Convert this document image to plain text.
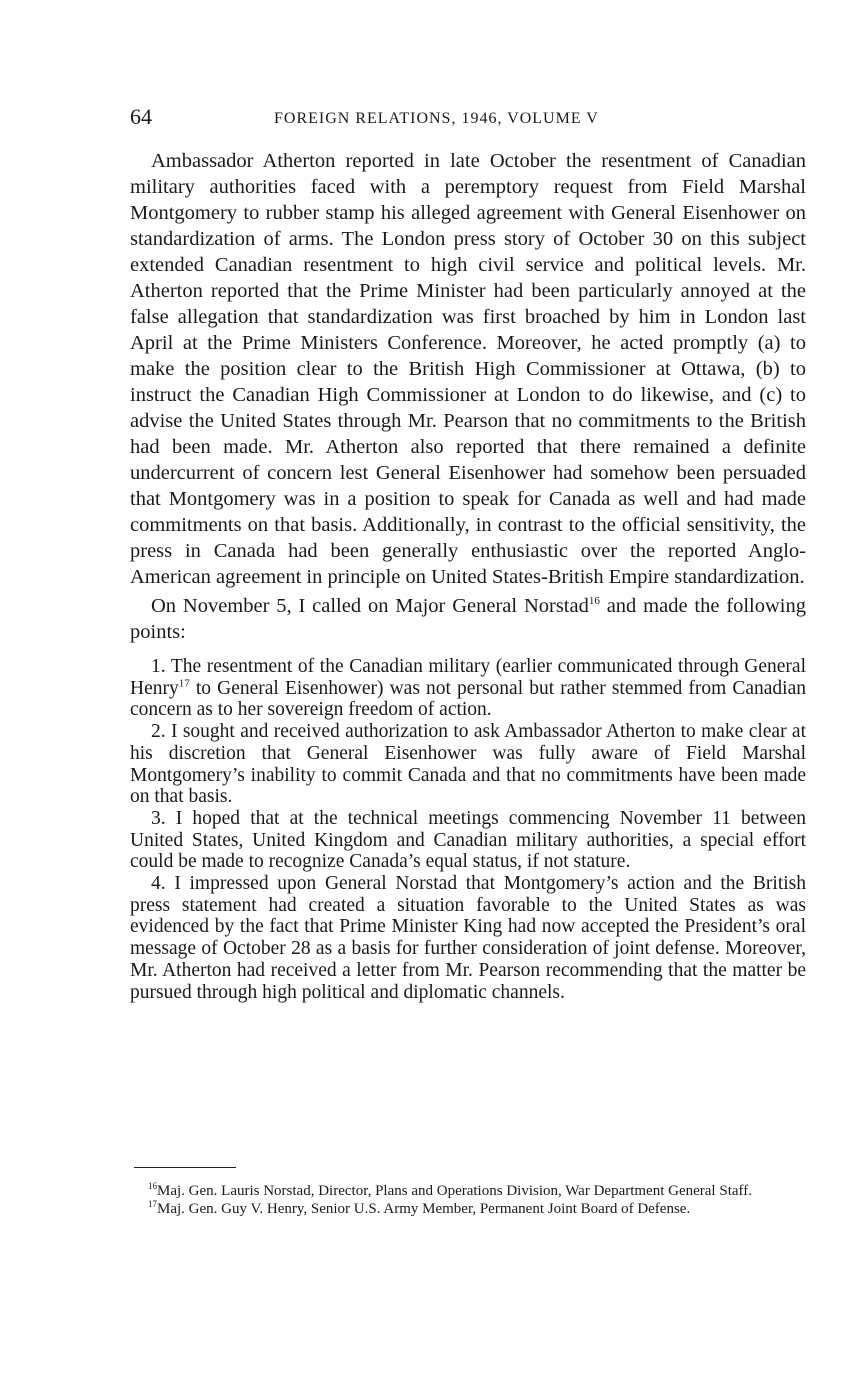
64	FOREIGN RELATIONS, 1946, VOLUME V

Ambassador Atherton reported in late October the resentment of Canadian military authorities faced with a peremptory request from Field Marshal Montgomery to rubber stamp his alleged agreement with General Eisenhower on standardization of arms. The London press story of October 30 on this subject extended Canadian resentment to high civil service and political levels. Mr. Atherton reported that the Prime Minister had been particularly annoyed at the false allegation that standardization was first broached by him in London last April at the Prime Ministers Conference. Moreover, he acted promptly (a) to make the position clear to the British High Commissioner at Ottawa, (b) to instruct the Canadian High Commissioner at London to do likewise, and (c) to advise the United States through Mr. Pearson that no commitments to the British had been made. Mr. Atherton also reported that there remained a definite undercurrent of concern lest General Eisenhower had somehow been persuaded that Montgomery was in a position to speak for Canada as well and had made commitments on that basis. Additionally, in contrast to the official sensitivity, the press in Canada had been generally enthusiastic over the reported Anglo-American agreement in principle on United States-British Empire standardization.

On November 5, I called on Major General Norstad$^{16}$ and made the following points:

1. The resentment of the Canadian military (earlier communicated through General Henry$^{17}$ to General Eisenhower) was not personal but rather stemmed from Canadian concern as to her sovereign freedom of action.

2. I sought and received authorization to ask Ambassador Atherton to make clear at his discretion that General Eisenhower was fully aware of Field Marshal Montgomery’s inability to commit Canada and that no commitments have been made on that basis.

3. I hoped that at the technical meetings commencing November 11 between United States, United Kingdom and Canadian military authorities, a special effort could be made to recognize Canada’s equal status, if not stature.

4. I impressed upon General Norstad that Montgomery’s action and the British press statement had created a situation favorable to the United States as was evidenced by the fact that Prime Minister King had now accepted the President’s oral message of October 28 as a basis for further consideration of joint defense. Moreover, Mr. Atherton had received a letter from Mr. Pearson recommending that the matter be pursued through high political and diplomatic channels.

$^{16}$Maj. Gen. Lauris Norstad, Director, Plans and Operations Division, War Department General Staff.

$^{17}$Maj. Gen. Guy V. Henry, Senior U.S. Army Member, Permanent Joint Board of Defense.
